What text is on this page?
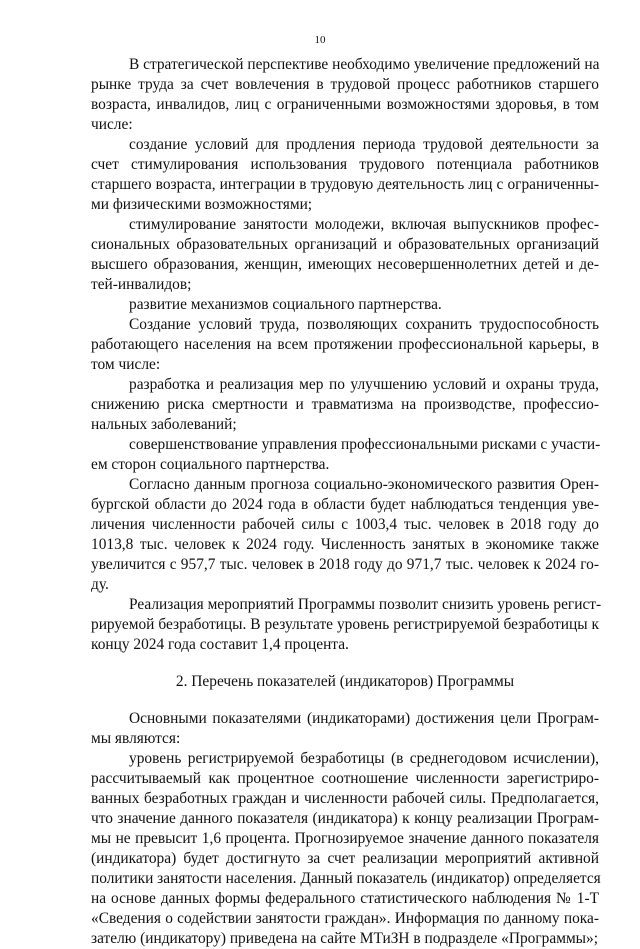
10
В стратегической перспективе необходимо увеличение предложений на
рынке труда за счет вовлечения в трудовой процесс работников старшего
возраста, инвалидов, лиц с ограниченными возможностями здоровья, в том
числе:
создание условий для продления периода трудовой деятельности за
счет стимулирования использования трудового потенциала работников
старшего возраста, интеграции в трудовую деятельность лиц с ограниченны-
ми физическими возможностями;
стимулирование занятости молодежи, включая выпускников профес-
сиональных образовательных организаций и образовательных организаций
высшего образования, женщин, имеющих несовершеннолетних детей и де-
тей-инвалидов;
развитие механизмов социального партнерства.
Создание условий труда, позволяющих сохранить трудоспособность
работающего населения на всем протяжении профессиональной карьеры, в
том числе:
разработка и реализация мер по улучшению условий и охраны труда,
снижению риска смертности и травматизма на производстве, профессио-
нальных заболеваний;
совершенствование управления профессиональными рисками с участи-
ем сторон социального партнерства.
Согласно данным прогноза социально-экономического развития Орен-
бургской области до 2024 года в области будет наблюдаться тенденция уве-
личения численности рабочей силы с 1003,4 тыс. человек в 2018 году до
1013,8 тыс. человек к 2024 году. Численность занятых в экономике также
увеличится с 957,7 тыс. человек в 2018 году до 971,7 тыс. человек к 2024 го-
ду.
Реализация мероприятий Программы позволит снизить уровень регист-
рируемой безработицы. В результате уровень регистрируемой безработицы к
концу 2024 года составит 1,4 процента.
2. Перечень показателей (индикаторов) Программы
Основными показателями (индикаторами) достижения цели Програм-
мы являются:
уровень регистрируемой безработицы (в среднегодовом исчислении),
рассчитываемый как процентное соотношение численности зарегистриро-
ванных безработных граждан и численности рабочей силы. Предполагается,
что значение данного показателя (индикатора) к концу реализации Програм-
мы не превысит 1,6 процента. Прогнозируемое значение данного показателя
(индикатора) будет достигнуто за счет реализации мероприятий активной
политики занятости населения. Данный показатель (индикатор) определяется
на основе данных формы федерального статистического наблюдения № 1-Т
«Сведения о содействии занятости граждан». Информация по данному пока-
зателю (индикатору) приведена на сайте МТиЗН в подразделе «Программы»;
